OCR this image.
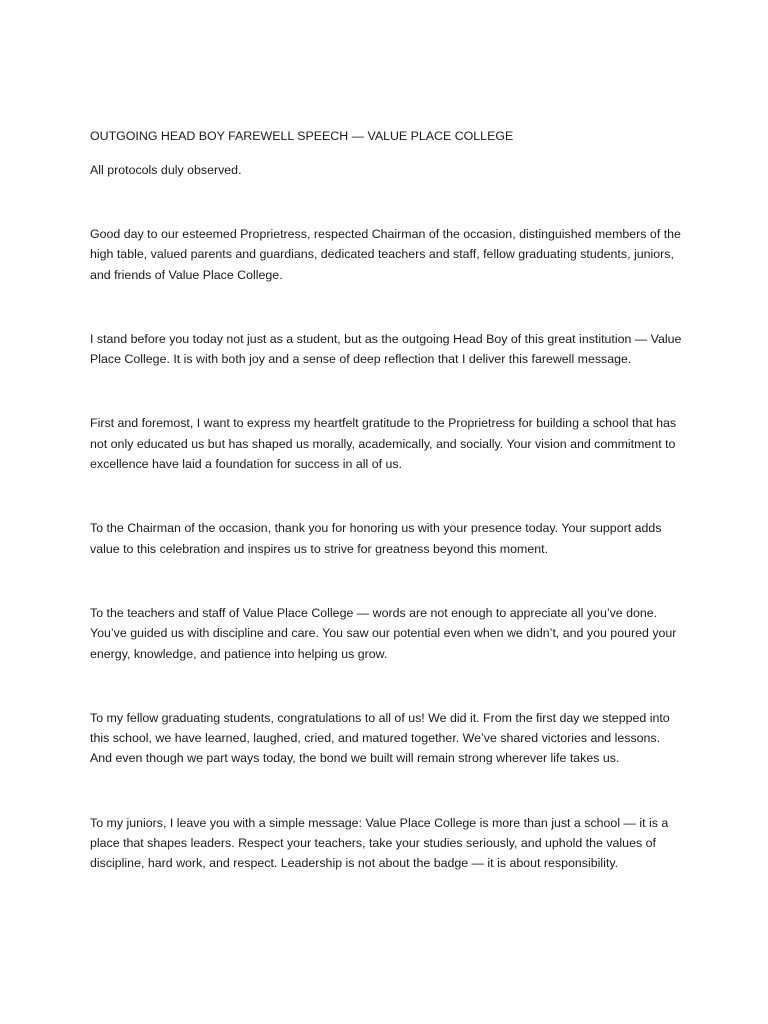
OUTGOING HEAD BOY FAREWELL SPEECH — VALUE PLACE COLLEGE

All protocols duly observed.

Good day to our esteemed Proprietress, respected Chairman of the occasion, distinguished members of the high table, valued parents and guardians, dedicated teachers and staff, fellow graduating students, juniors, and friends of Value Place College.

I stand before you today not just as a student, but as the outgoing Head Boy of this great institution — Value Place College. It is with both joy and a sense of deep reflection that I deliver this farewell message.

First and foremost, I want to express my heartfelt gratitude to the Proprietress for building a school that has not only educated us but has shaped us morally, academically, and socially. Your vision and commitment to excellence have laid a foundation for success in all of us.

To the Chairman of the occasion, thank you for honoring us with your presence today. Your support adds value to this celebration and inspires us to strive for greatness beyond this moment.

To the teachers and staff of Value Place College — words are not enough to appreciate all you’ve done. You’ve guided us with discipline and care. You saw our potential even when we didn’t, and you poured your energy, knowledge, and patience into helping us grow.

To my fellow graduating students, congratulations to all of us! We did it. From the first day we stepped into this school, we have learned, laughed, cried, and matured together. We’ve shared victories and lessons. And even though we part ways today, the bond we built will remain strong wherever life takes us.

To my juniors, I leave you with a simple message: Value Place College is more than just a school — it is a place that shapes leaders. Respect your teachers, take your studies seriously, and uphold the values of discipline, hard work, and respect. Leadership is not about the badge — it is about responsibility.
